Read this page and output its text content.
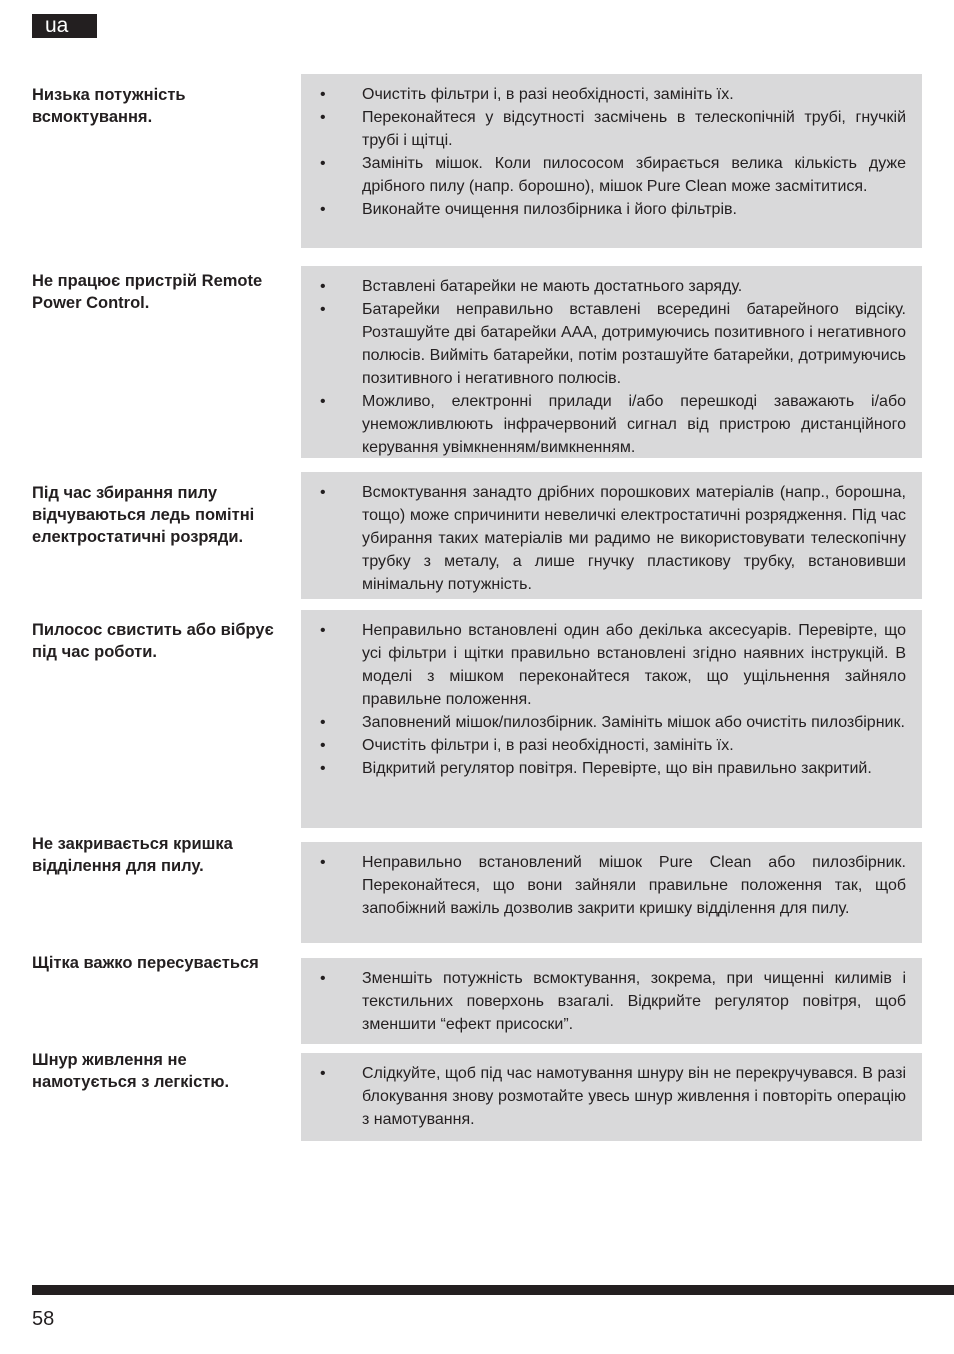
ua
Низька потужність всмоктування.
• Очистіть фільтри і, в разі необхідності, замініть їх.
• Переконайтеся у відсутності засмічень в телескопічній трубі, гнучкій трубі і щітці.
• Замініть мішок. Коли пилососом збирається велика кількість дуже дрібного пилу (напр. борошно), мішок Pure Clean може засмітитися.
• Виконайте очищення пилозбірника і його фільтрів.
Не працює пристрій Remote Power Control.
• Вставлені батарейки не мають достатнього заряду.
• Батарейки неправильно вставлені всередині батарейного відсіку. Розташуйте дві батарейки AAA, дотримуючись позитивного і негативного полюсів. Вийміть батарейки, потім розташуйте батарейки, дотримуючись позитивного і негативного полюсів.
• Можливо, електронні прилади і/або перешкоді заважають і/або унеможливлюють інфрачервоний сигнал від пристрою дистанційного керування увімкненням/вимкненням.
Під час збирання пилу відчуваються ледь помітні електростатичні розряди.
• Всмоктування занадто дрібних порошкових матеріалів (напр., борошна, тощо) може спричинити невеличкі електростатичні розрядження. Під час убирання таких матеріалів ми радимо не використовувати телескопічну трубку з металу, а лише гнучку пластикову трубку, встановивши мінімальну потужність.
Пилосос свистить або вібрує під час роботи.
• Неправильно встановлені один або декілька аксесуарів. Перевірте, що усі фільтри і щітки правильно встановлені згідно наявних інструкцій. В моделі з мішком переконайтеся також, що ущільнення зайняло правильне положення.
• Заповнений мішок/пилозбірник. Замініть мішок або очистіть пилозбірник.
• Очистіть фільтри і, в разі необхідності, замініть їх.
• Відкритий регулятор повітря. Перевірте, що він правильно закритий.
Не закривається кришка відділення для пилу.	• Неправильно встановлений мішок Pure Clean або пилозбірник. Переконайтеся, що вони зайняли правильне положення так, щоб запобіжний важіль дозволив закрити кришку відділення для пилу.
Щітка важко пересувається
• Зменшіть потужність всмоктування, зокрема, при чищенні килимів і текстильних поверхонь взагалі. Відкрийте регулятор повітря, щоб зменшити “ефект присоски”.
Шнур живлення не намотується з легкістю.	• Слідкуйте, щоб під час намотування шнуру він не перекручувався. В разі блокування знову розмотайте увесь шнур живлення і повторіть операцію з намотування.
58
